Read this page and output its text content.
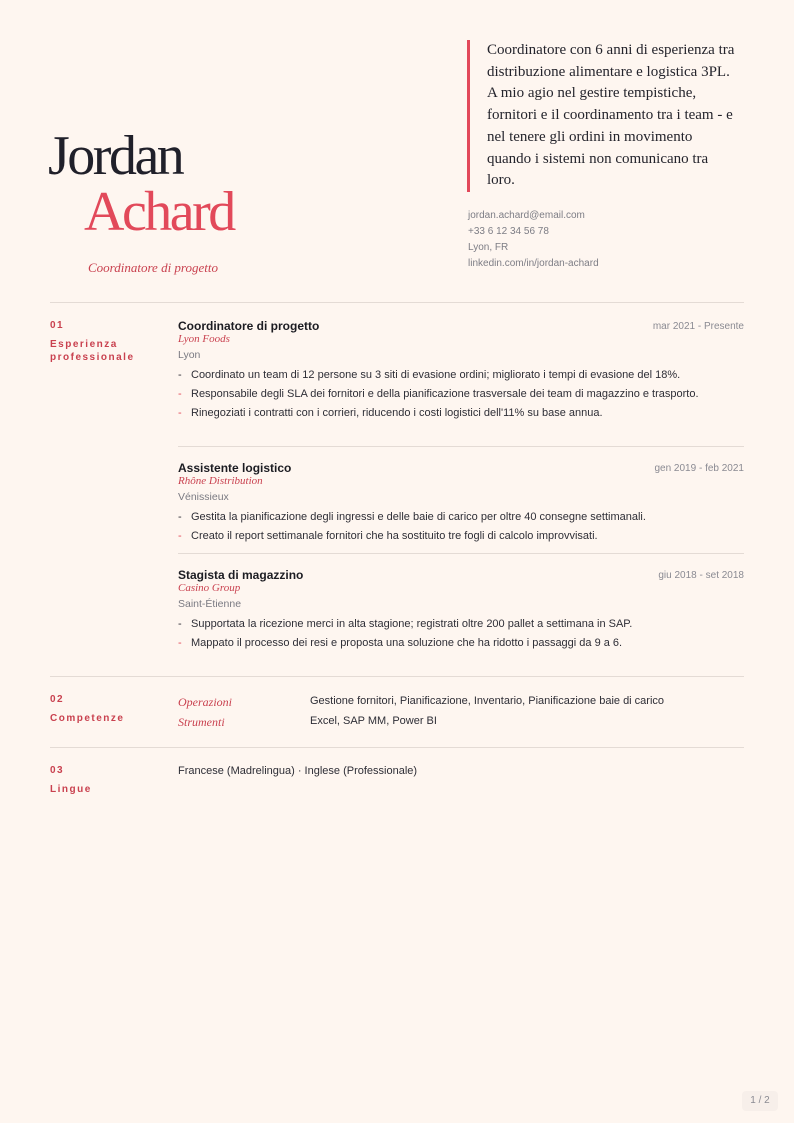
Jordan
Achard
Coordinatore di progetto

Coordinatore con 6 anni di esperienza tra distribuzione alimentare e logistica 3PL. A mio agio nel gestire tempistiche, fornitori e il coordinamento tra i team - e nel tenere gli ordini in movimento quando i sistemi non comunicano tra loro.

jordan.achard@email.com
+33 6 12 34 56 78
Lyon, FR
linkedin.com/in/jordan-achard
01
Esperienza professionale
Coordinatore di progetto	mar 2021 - Presente
Lyon Foods
Lyon
- Coordinato un team di 12 persone su 3 siti di evasione ordini; migliorato i tempi di evasione del 18%.
- Responsabile degli SLA dei fornitori e della pianificazione trasversale dei team di magazzino e trasporto.
- Rinegoziati i contratti con i corrieri, riducendo i costi logistici dell'11% su base annua.
Assistente logistico	gen 2019 - feb 2021
Rhône Distribution
Vénissieux
- Gestita la pianificazione degli ingressi e delle baie di carico per oltre 40 consegne settimanali.
- Creato il report settimanale fornitori che ha sostituito tre fogli di calcolo improvvisati.
Stagista di magazzino	giu 2018 - set 2018
Casino Group
Saint-Étienne
- Supportata la ricezione merci in alta stagione; registrati oltre 200 pallet a settimana in SAP.
- Mappato il processo dei resi e proposta una soluzione che ha ridotto i passaggi da 9 a 6.
02
Competenze
Operazioni	Gestione fornitori, Pianificazione, Inventario, Pianificazione baie di carico
Strumenti	Excel, SAP MM, Power BI
03
Lingue
Francese (Madrelingua) · Inglese (Professionale)
1 / 2
